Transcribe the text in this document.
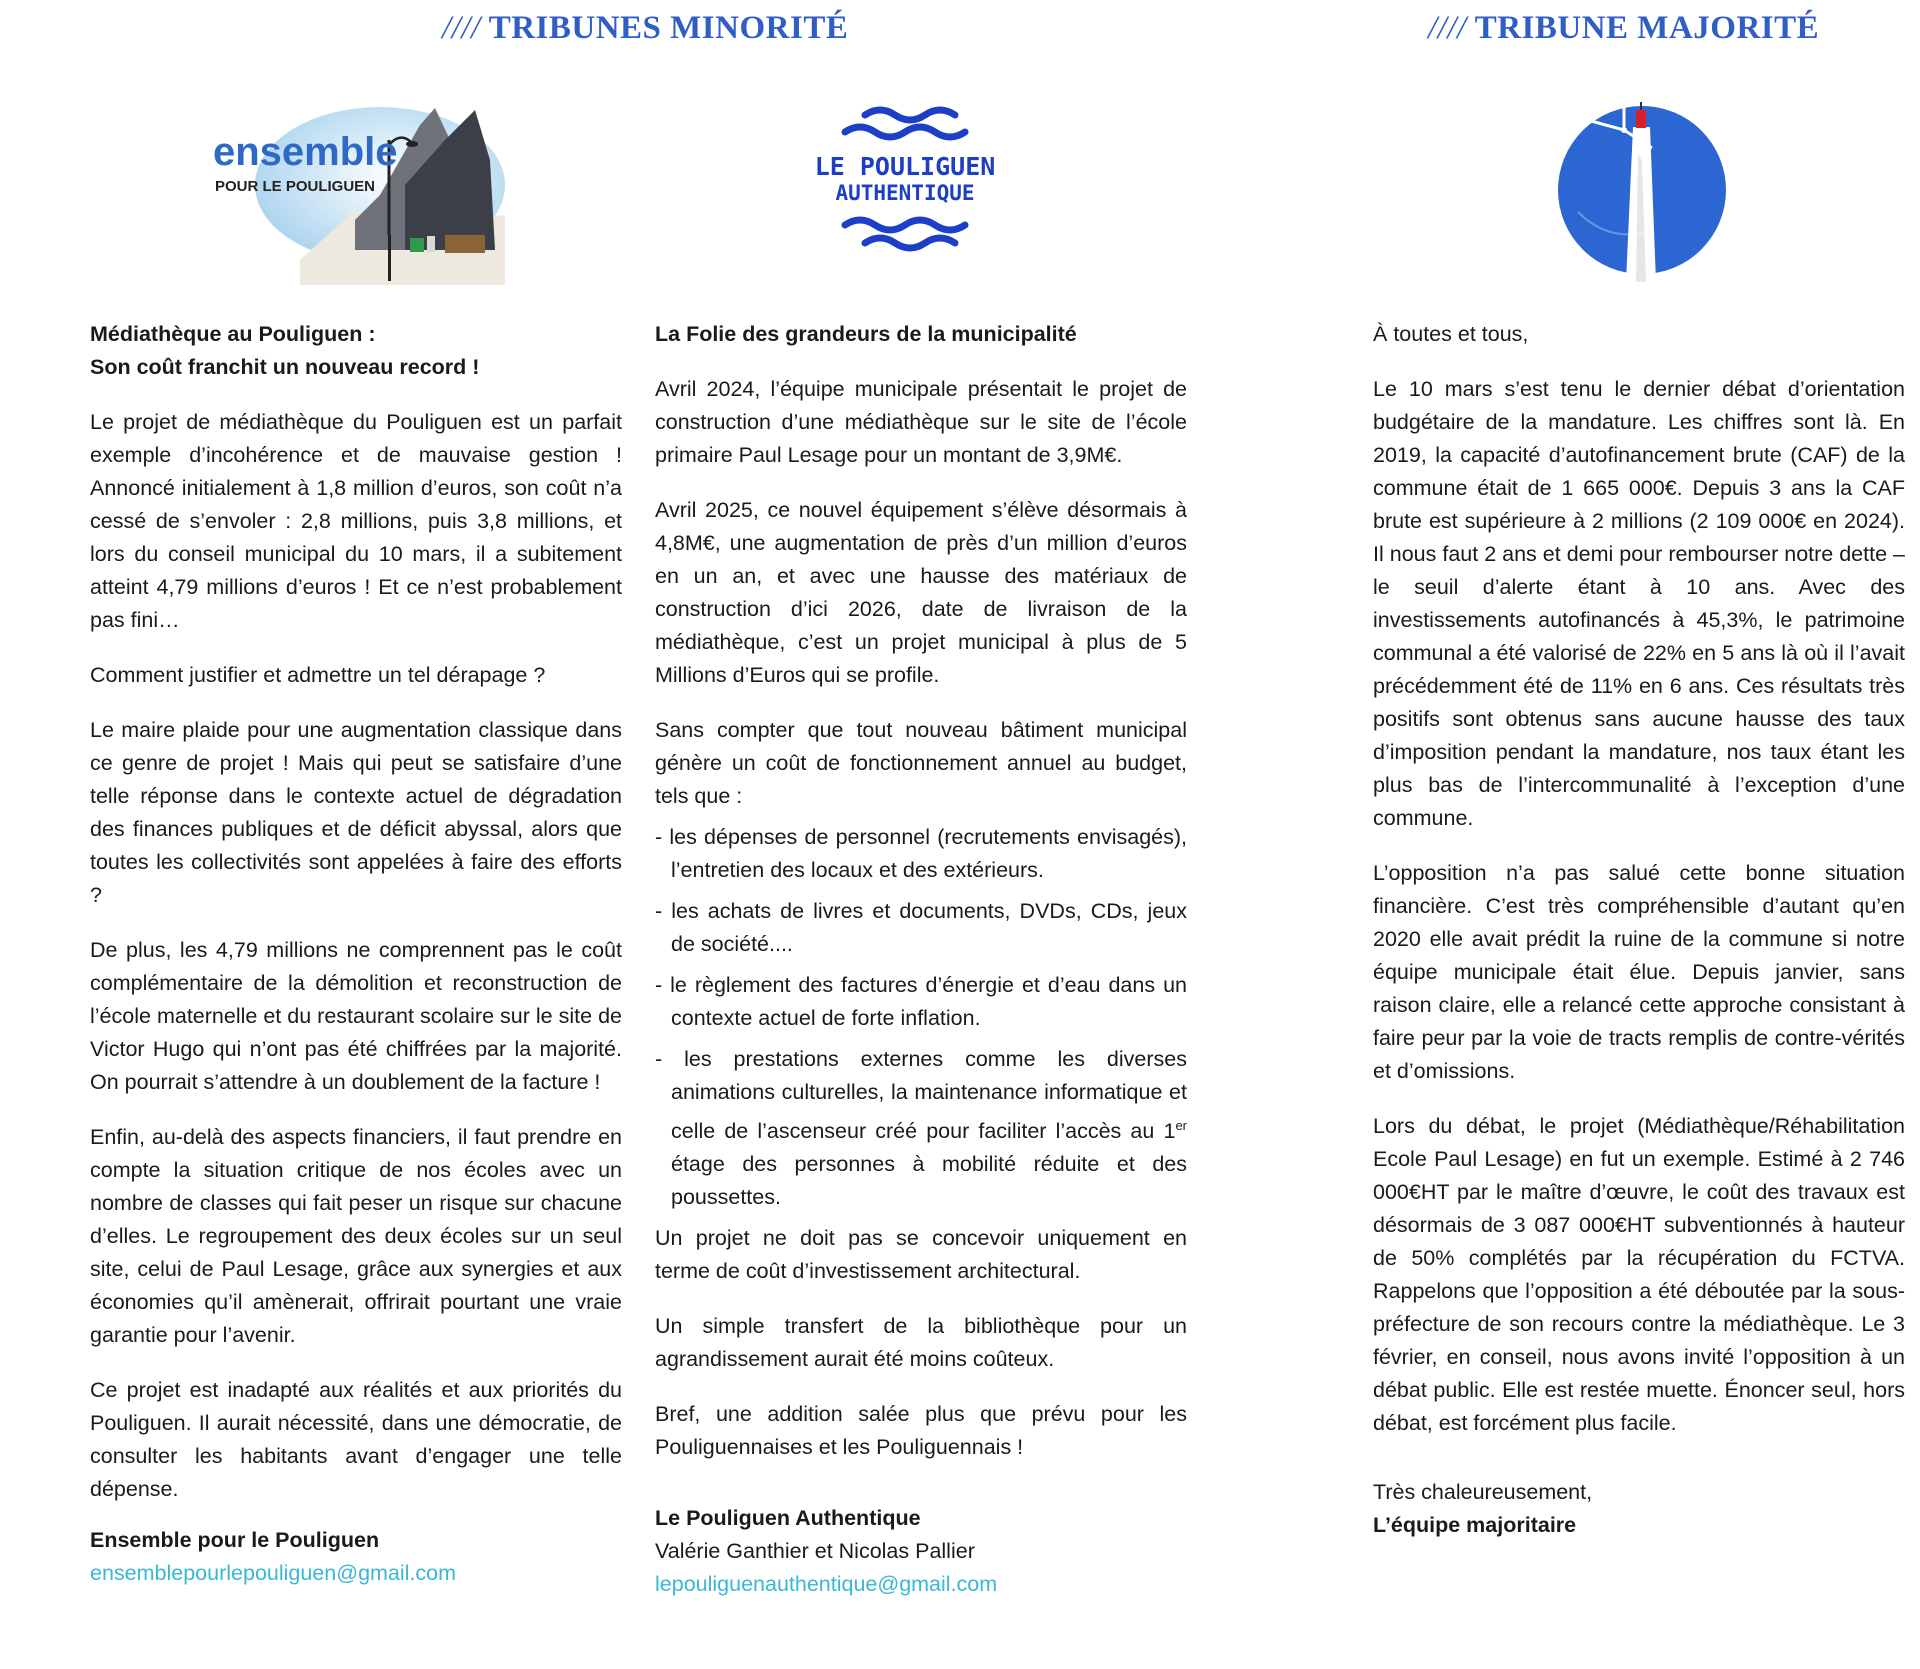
//// TRIBUNES MINORITÉ	//// TRIBUNE MAJORITÉ
ensemble
POUR LE POULIGUEN
LE POULIGUEN
AUTHENTIQUE
Médiathèque au Pouliguen :
Son coût franchit un nouveau record !

Le projet de médiathèque du Pouliguen est un parfait exemple d’incohérence et de mauvaise gestion ! Annoncé initialement à 1,8 million d’euros, son coût n’a cessé de s’envoler : 2,8 millions, puis 3,8 millions, et lors du conseil municipal du 10 mars, il a subitement atteint 4,79 millions d’euros ! Et ce n’est probablement pas fini…

Comment justifier et admettre un tel dérapage ?

Le maire plaide pour une augmentation classique dans ce genre de projet ! Mais qui peut se satisfaire d’une telle réponse dans le contexte actuel de dégradation des finances publiques et de déficit abyssal, alors que toutes les collectivités sont appelées à faire des efforts ?

De plus, les 4,79 millions ne comprennent pas le coût complémentaire de la démolition et reconstruction de l’école maternelle et du restaurant scolaire sur le site de Victor Hugo qui n’ont pas été chiffrées par la majorité. On pourrait s’attendre à un doublement de la facture !

Enfin, au-delà des aspects financiers, il faut prendre en compte la situation critique de nos écoles avec un nombre de classes qui fait peser un risque sur chacune d’elles. Le regroupement des deux écoles sur un seul site, celui de Paul Lesage, grâce aux synergies et aux économies qu’il amènerait, offrirait pourtant une vraie garantie pour l’avenir.

Ce projet est inadapté aux réalités et aux priorités du Pouliguen. Il aurait nécessité, dans une démocratie, de consulter les habitants avant d’engager une telle dépense.

Ensemble pour le Pouliguen
ensemblepourlepouliguen@gmail.com
La Folie des grandeurs de la municipalité

Avril 2024, l’équipe municipale présentait le projet de construction d’une médiathèque sur le site de l’école primaire Paul Lesage pour un montant de 3,9M€.

Avril 2025, ce nouvel équipement s’élève désormais à 4,8M€, une augmentation de près d’un million d’euros en un an, et avec une hausse des matériaux de construction d’ici 2026, date de livraison de la médiathèque, c’est un projet municipal à plus de 5 Millions d’Euros qui se profile.

Sans compter que tout nouveau bâtiment municipal génère un coût de fonctionnement annuel au budget, tels que :

- les dépenses de personnel (recrutements envisagés), l’entretien des locaux et des extérieurs.
- les achats de livres et documents, DVDs, CDs, jeux de société....
- le règlement des factures d’énergie et d’eau dans un contexte actuel de forte inflation.
- les prestations externes comme les diverses animations culturelles, la maintenance informatique et celle de l’ascenseur créé pour faciliter l’accès au 1er étage des personnes à mobilité réduite et des poussettes.

Un projet ne doit pas se concevoir uniquement en terme de coût d’investissement architectural.

Un simple transfert de la bibliothèque pour un agrandissement aurait été moins coûteux.

Bref, une addition salée plus que prévu pour les Pouliguennaises et les Pouliguennais !

Le Pouliguen Authentique
Valérie Ganthier et Nicolas Pallier
lepouliguenauthentique@gmail.com

À toutes et tous,

Le 10 mars s’est tenu le dernier débat d’orientation budgétaire de la mandature. Les chiffres sont là. En 2019, la capacité d’autofinancement brute (CAF) de la commune était de 1 665 000€. Depuis 3 ans la CAF brute est supérieure à 2 millions (2 109 000€ en 2024). Il nous faut 2 ans et demi pour rembourser notre dette – le seuil d’alerte étant à 10 ans. Avec des investissements autofinancés à 45,3%, le patrimoine communal a été valorisé de 22% en 5 ans là où il l’avait précédemment été de 11% en 6 ans. Ces résultats très positifs sont obtenus sans aucune hausse des taux d’imposition pendant la mandature, nos taux étant les plus bas de l’intercommunalité à l’exception d’une commune.

L’opposition n’a pas salué cette bonne situation financière. C’est très compréhensible d’autant qu’en 2020 elle avait prédit la ruine de la commune si notre équipe municipale était élue. Depuis janvier, sans raison claire, elle a relancé cette approche consistant à faire peur par la voie de tracts remplis de contre-vérités et d’omissions.

Lors du débat, le projet (Médiathèque/Réhabilitation Ecole Paul Lesage) en fut un exemple. Estimé à 2 746 000€HT par le maître d’œuvre, le coût des travaux est désormais de 3 087 000€HT subventionnés à hauteur de 50% complétés par la récupération du FCTVA. Rappelons que l’opposition a été déboutée par la sous-préfecture de son recours contre la médiathèque. Le 3 février, en conseil, nous avons invité l’opposition à un débat public. Elle est restée muette. Énoncer seul, hors débat, est forcément plus facile.

Très chaleureusement,
L’équipe majoritaire
